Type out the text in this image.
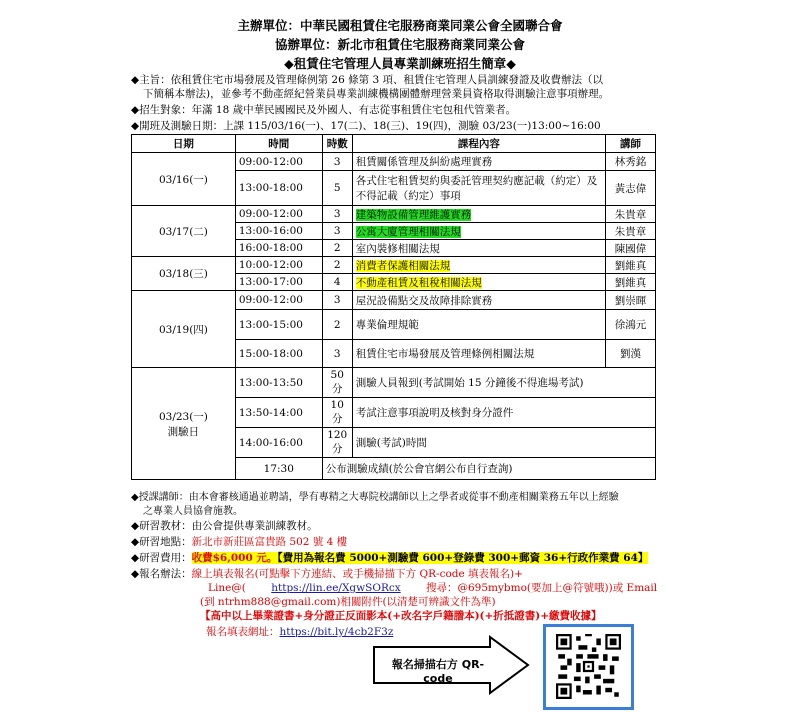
主辦單位：中華民國租賃住宅服務商業同業公會全國聯合會
協辦單位：新北市租賃住宅服務商業同業公會
◆租賃住宅管理人員專業訓練班招生簡章◆
◆主旨：依租賃住宅市場發展及管理條例第 26 條第 3 項、租賃住宅管理人員訓練發證及收費辦法（以
下簡稱本辦法)，並參考不動產經紀營業員專業訓練機構團體辦理營業員資格取得測驗注意事項辦理。
◆招生對象：年滿 18 歲中華民國國民及外國人、有志從事租賃住宅包租代管業者。
◆開班及測驗日期：上課 115/03/16(一)、17(二)、18(三)、19(四)，測驗 03/23(一)13:00~16:00
日期	時間	時數	課程內容	講師
03/16(一)	09:00-12:00	3	租賃關係管理及糾紛處理實務	林秀銘
	13:00-18:00	5	各式住宅租賃契約與委託管理契約應記載（約定）及不得記載（約定）事項	黃志偉
03/17(二)	09:00-12:00	3	建築物設備管理維護實務	朱貴章
	13:00-16:00	3	公寓大廈管理相關法規	朱貴章
	16:00-18:00	2	室內裝修相關法規	陳國偉
03/18(三)	10:00-12:00	2	消費者保護相關法規	劉維真
	13:00-17:00	4	不動產租賃及租稅相關法規	劉維真
03/19(四)	09:00-12:00	3	屋況設備點交及故障排除實務	劉崇暉
	13:00-15:00	2	專業倫理規範	徐鴻元
	15:00-18:00	3	租賃住宅市場發展及管理條例相關法規	劉漢
03/23(一)
測驗日	13:00-13:50	50 分	測驗人員報到(考試開始 15 分鐘後不得進場考試)	
	13:50-14:00	10 分	考試注意事項說明及核對身分證件	
	14:00-16:00	120 分	測驗(考試)時間	
	17:30	公布測驗成績(於公會官網公布自行查詢)		
◆授課講師：由本會審核通過並聘請，學有專精之大專院校講師以上之學者或從事不動產相關業務五年以上經驗
之專業人員協會施教。
◆研習教材：由公會提供專業訓練教材。
◆研習地點：新北市新莊區富貴路 502 號 4 樓
◆研習費用：收費$6,000 元。【費用為報名費 5000+測驗費 600+登錄費 300+郵資 36+行政作業費 64】
◆報名辦法：線上填表報名(可點擊下方連結、或手機掃描下方 QR-code 填表報名)+
Line@( https://lin.ee/XgwSORcx 搜尋：@695mybmo(要加上@符號哦))或 Email
(到 ntrhm888@gmail.com)相關附件(以清楚可辨識文件為準)
【高中以上畢業證書+身分證正反面影本(+改名字戶籍謄本)(+折抵證書)+繳費收據】
報名填表網址：https://bit.ly/4cb2F3z
報名掃描右方 QR-code
